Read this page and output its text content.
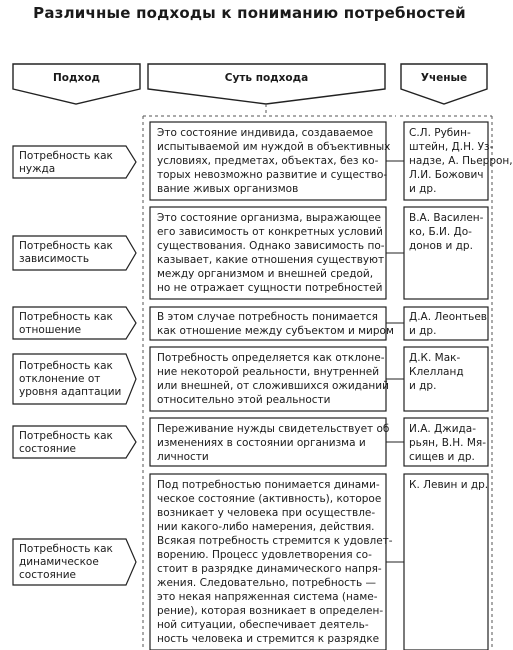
Различные подходы к пониманию потребностей
Подход	Суть подхода	Ученые
Потребность как
нужда
Потребность как
зависимость
Потребность как
отношение
Потребность как
отклонение от
уровня адаптации
Потребность как
состояние
Потребность как
динамическое
состояние
Это состояние индивида, создаваемое
испытываемой им нуждой в объективных
условиях, предметах, объектах, без ко-
торых невозможно развитие и существо-
вание живых организмов
Это состояние организма, выражающее
его зависимость от конкретных условий
существования. Однако зависимость по-
казывает, какие отношения существуют
между организмом и внешней средой,
но не отражает сущности потребностей
В этом случае потребность понимается
как отношение между субъектом и миром
Потребность определяется как отклоне-
ние некоторой реальности, внутренней
или внешней, от сложившихся ожиданий
относительно этой реальности
Переживание нужды свидетельствует об
изменениях в состоянии организма и
личности
Под потребностью понимается динами-
ческое состояние (активность), которое
возникает у человека при осуществле-
нии какого-либо намерения, действия.
Всякая потребность стремится к удовлет-
ворению. Процесс удовлетворения со-
стоит в разрядке динамического напря-
жения. Следовательно, потребность —
это некая напряженная система (наме-
рение), которая возникает в определен-
ной ситуации, обеспечивает деятель-
ность человека и стремится к разрядке
С.Л. Рубин-
штейн, Д.Н. Уз-
надзе, А. Пьеррон,
Л.И. Божович
и др.
В.А. Василен-
ко, Б.И. До-
донов и др.
Д.А. Леонтьев
и др.
Д.К. Мак-
Клелланд
и др.
И.А. Джида-
рьян, В.Н. Мя-
сищев и др.
К. Левин и др.
